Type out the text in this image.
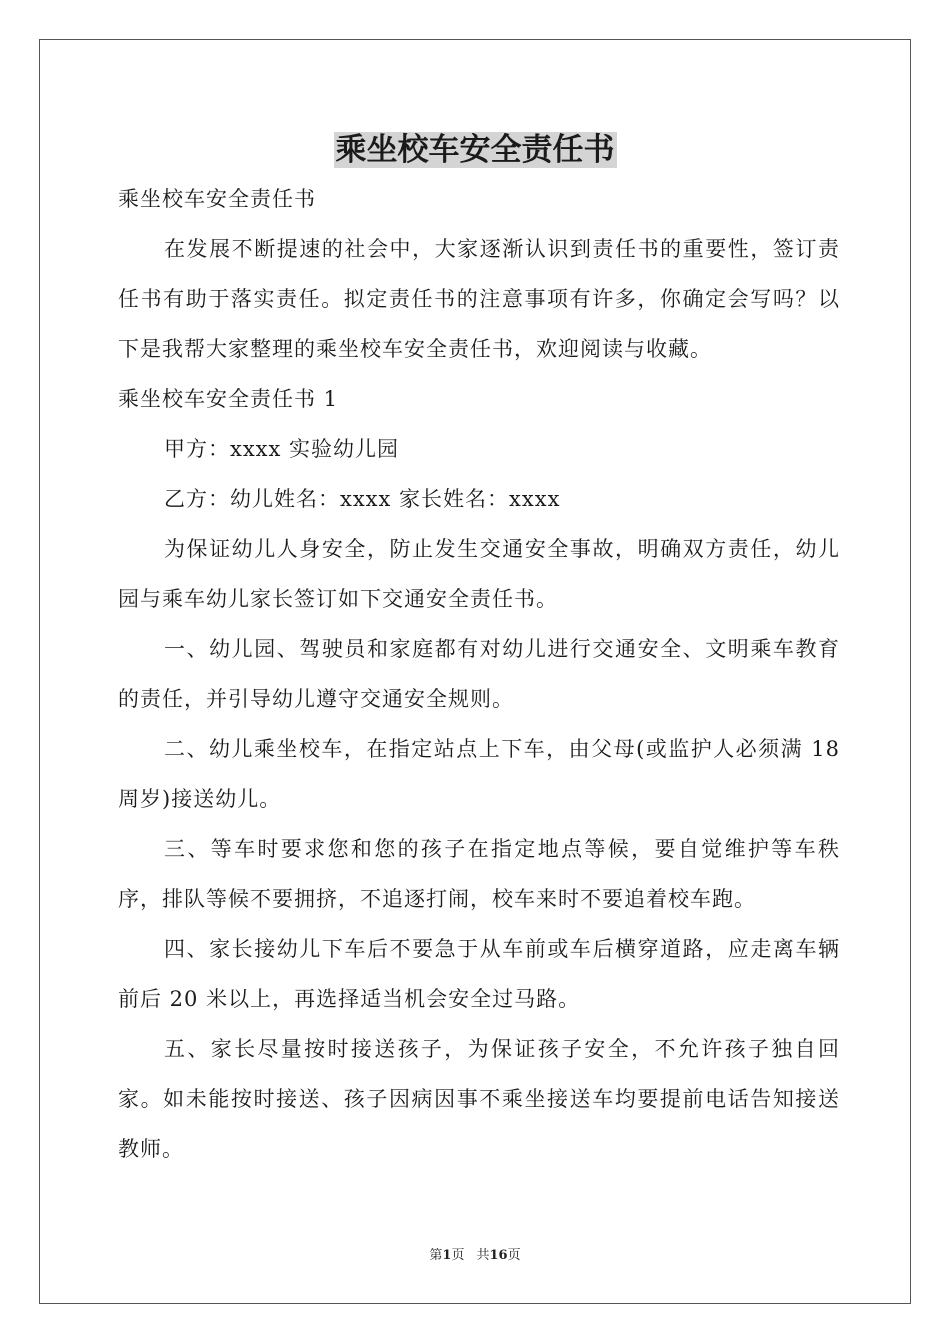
乘坐校车安全责任书

乘坐校车安全责任书

在发展不断提速的社会中，大家逐渐认识到责任书的重要性，签订责任书有助于落实责任。拟定责任书的注意事项有许多，你确定会写吗？以下是我帮大家整理的乘坐校车安全责任书，欢迎阅读与收藏。

乘坐校车安全责任书 1

甲方：xxxx 实验幼儿园

乙方：幼儿姓名：xxxx 家长姓名：xxxx

为保证幼儿人身安全，防止发生交通安全事故，明确双方责任，幼儿园与乘车幼儿家长签订如下交通安全责任书。

一、幼儿园、驾驶员和家庭都有对幼儿进行交通安全、文明乘车教育的责任，并引导幼儿遵守交通安全规则。

二、幼儿乘坐校车，在指定站点上下车，由父母(或监护人必须满 18 周岁)接送幼儿。

三、等车时要求您和您的孩子在指定地点等候，要自觉维护等车秩序，排队等候不要拥挤，不追逐打闹，校车来时不要追着校车跑。

四、家长接幼儿下车后不要急于从车前或车后横穿道路，应走离车辆前后 20 米以上，再选择适当机会安全过马路。

五、家长尽量按时接送孩子，为保证孩子安全，不允许孩子独自回家。如未能按时接送、孩子因病因事不乘坐接送车均要提前电话告知接送教师。

第1页 共16页
